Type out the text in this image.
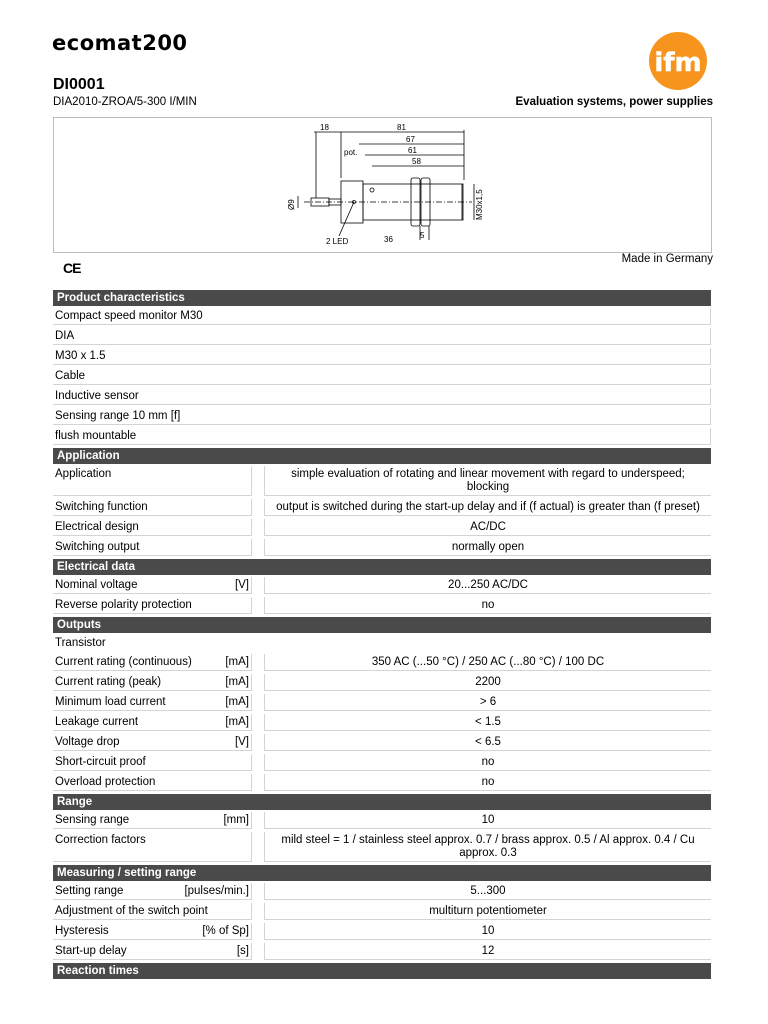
ecomat200
ifm
DI0001
DIA2010-ZROA/5-300 I/MIN	Evaluation systems, power supplies
18	81
67
61
58
pot.
Ø9	M30x1,5
2 LED	36	5
Made in Germany
CE
Product characteristics
Compact speed monitor M30
DIA
M30 x 1.5
Cable
Inductive sensor
Sensing range 10 mm [f]
flush mountable
Application
Application	simple evaluation of rotating and linear movement with regard to underspeed; blocking
Switching function	output is switched during the start-up delay and if (f actual) is greater than (f preset)
Electrical design	AC/DC
Switching output	normally open
Electrical data
Nominal voltage	[V]	20...250 AC/DC
Reverse polarity protection	no
Outputs
Transistor
Current rating (continuous)	[mA]	350 AC (...50 °C) / 250 AC (...80 °C) / 100 DC
Current rating (peak)	[mA]	2200
Minimum load current	[mA]	> 6
Leakage current	[mA]	< 1.5
Voltage drop	[V]	< 6.5
Short-circuit proof	no
Overload protection	no
Range
Sensing range	[mm]	10
Correction factors	mild steel = 1 / stainless steel approx. 0.7 / brass approx. 0.5 / Al approx. 0.4 / Cu approx. 0.3
Measuring / setting range
Setting range	[pulses/min.]	5...300
Adjustment of the switch point	multiturn potentiometer
Hysteresis	[% of Sp]	10
Start-up delay	[s]	12
Reaction times
